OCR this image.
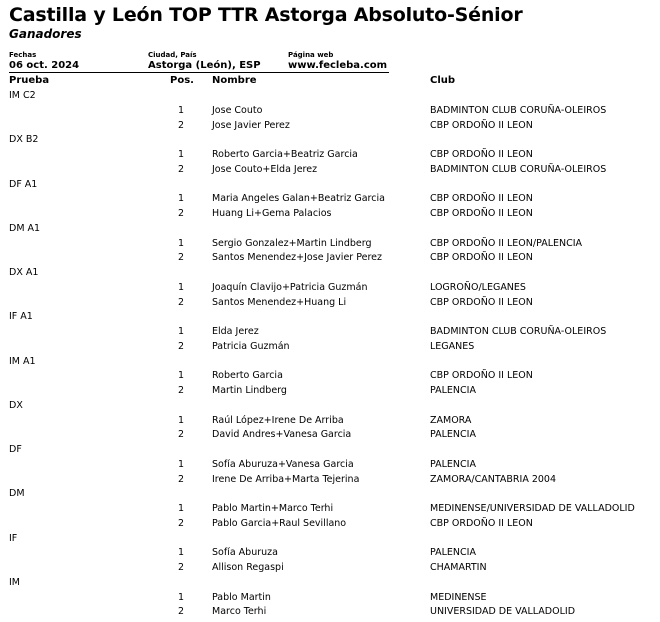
Castilla y León TOP TTR Astorga Absoluto-Sénior
Ganadores
Fechas
06 oct. 2024
Ciudad, País
Astorga (León), ESP
Página web
www.fecleba.com
Prueba	Pos. Nombre	Club
IM C2
1	Jose Couto	BADMINTON CLUB CORUÑA-OLEIROS
2	Jose Javier Perez	CBP ORDOÑO II LEON
DX B2
1	Roberto Garcia+Beatriz Garcia	CBP ORDOÑO II LEON
2	Jose Couto+Elda Jerez	BADMINTON CLUB CORUÑA-OLEIROS
DF A1
1	Maria Angeles Galan+Beatriz Garcia	CBP ORDOÑO II LEON
2	Huang Li+Gema Palacios	CBP ORDOÑO II LEON
DM A1
1	Sergio Gonzalez+Martin Lindberg	CBP ORDOÑO II LEON/PALENCIA
2	Santos Menendez+Jose Javier Perez	CBP ORDOÑO II LEON
DX A1
1	Joaquín Clavijo+Patricia Guzmán	LOGROÑO/LEGANES
2	Santos Menendez+Huang Li	CBP ORDOÑO II LEON
IF A1
1	Elda Jerez	BADMINTON CLUB CORUÑA-OLEIROS
2	Patricia Guzmán	LEGANES
IM A1
1	Roberto Garcia	CBP ORDOÑO II LEON
2	Martin Lindberg	PALENCIA
DX
1	Raúl López+Irene De Arriba	ZAMORA
2	David Andres+Vanesa Garcia	PALENCIA
DF
1	Sofía Aburuza+Vanesa Garcia	PALENCIA
2	Irene De Arriba+Marta Tejerina	ZAMORA/CANTABRIA 2004
DM
1	Pablo Martin+Marco Terhi	MEDINENSE/UNIVERSIDAD DE VALLADOLID
2	Pablo Garcia+Raul Sevillano	CBP ORDOÑO II LEON
IF
1	Sofía Aburuza	PALENCIA
2	Allison Regaspi	CHAMARTIN
IM
1	Pablo Martin	MEDINENSE
2	Marco Terhi	UNIVERSIDAD DE VALLADOLID
